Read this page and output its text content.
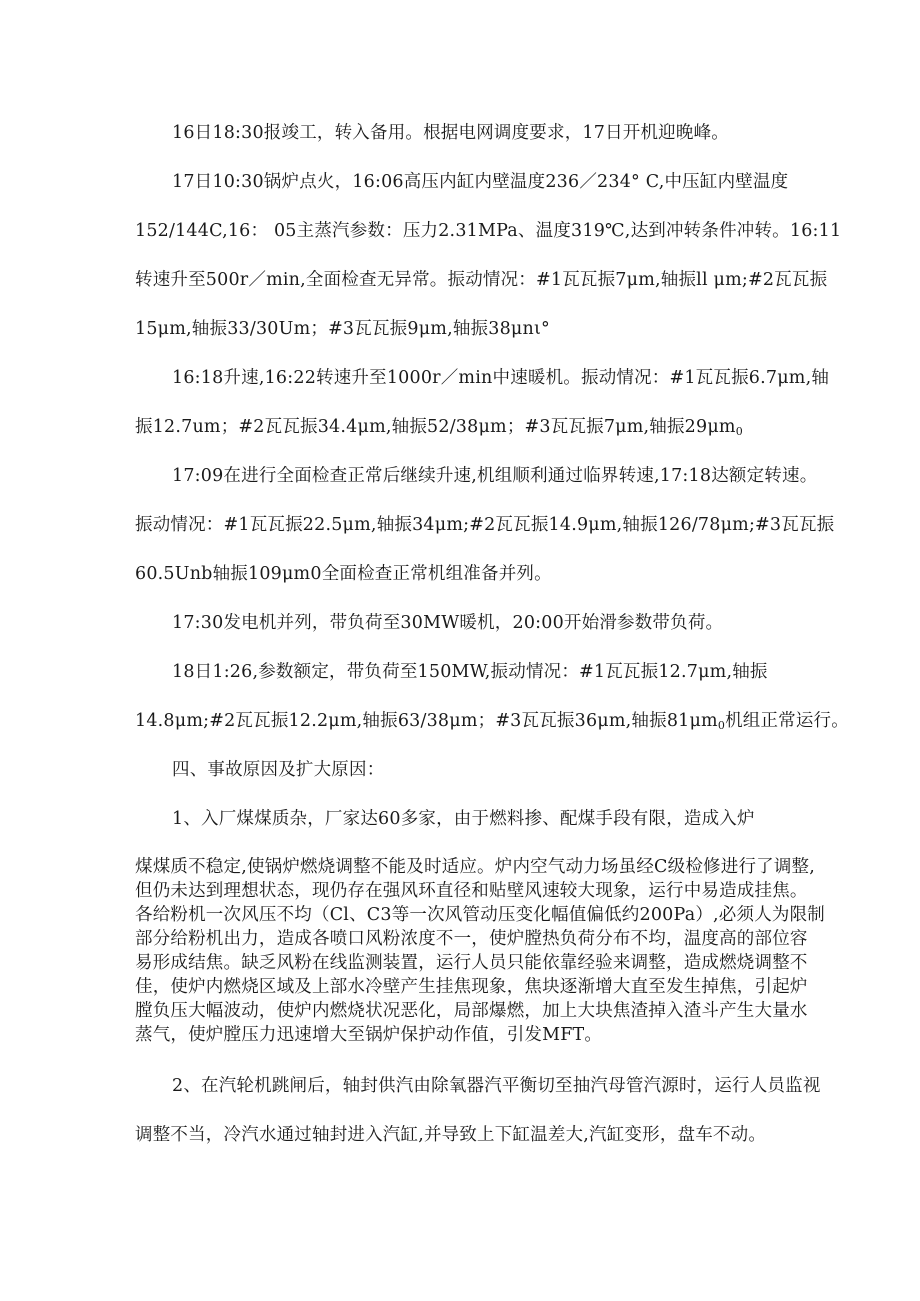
16日18:30报竣工，转入备用。根据电网调度要求，17日开机迎晚峰。
17日10:30锅炉点火，16:06高压内缸内壁温度236／234° C,中压缸内壁温度
152/144C,16： 05主蒸汽参数：压力2.31MPa、温度319℃,达到冲转条件冲转。16:11
转速升至500r／min,全面检查无异常。振动情况：#1瓦瓦振7μm,轴振ll μm;#2瓦瓦振
15μm,轴振33/30Um；#3瓦瓦振9μm,轴振38μnι°
16:18升速,16:22转速升至1000r／min中速暖机。振动情况：#1瓦瓦振6.7μm,轴
振12.7um；#2瓦瓦振34.4μm,轴振52/38μm；#3瓦瓦振7μm,轴振$29\mu m_0$
17:09在进行全面检查正常后继续升速,机组顺利通过临界转速,17:18达额定转速。
振动情况：#1瓦瓦振22.5μm,轴振34μm;#2瓦瓦振14.9μm,轴振126/78μm;#3瓦瓦振
60.5Unb轴振109μm0全面检查正常机组准备并列。
17:30发电机并列，带负荷至30MW暖机，20:00开始滑参数带负荷。
18日1:26,参数额定，带负荷至150MW,振动情况：#1瓦瓦振12.7μm,轴振
14.8μm;#2瓦瓦振12.2μm,轴振63/38μm；#3瓦瓦振36μm,轴振$81\mu m_0$机组正常运行。
四、事故原因及扩大原因：
1、入厂煤煤质杂，厂家达60多家，由于燃料掺、配煤手段有限，造成入炉
煤煤质不稳定,使锅炉燃烧调整不能及时适应。炉内空气动力场虽经C级检修进行了调整,
但仍未达到理想状态，现仍存在强风环直径和贴壁风速较大现象，运行中易造成挂焦。
各给粉机一次风压不均（Cl、C3等一次风管动压变化幅值偏低约200Pa）,必须人为限制
部分给粉机出力，造成各喷口风粉浓度不一，使炉膛热负荷分布不均，温度高的部位容
易形成结焦。缺乏风粉在线监测装置，运行人员只能依靠经验来调整，造成燃烧调整不
佳，使炉内燃烧区域及上部水冷壁产生挂焦现象，焦块逐渐增大直至发生掉焦，引起炉
膛负压大幅波动，使炉内燃烧状况恶化，局部爆燃，加上大块焦渣掉入渣斗产生大量水
蒸气，使炉膛压力迅速增大至锅炉保护动作值，引发MFT。
2、在汽轮机跳闸后，轴封供汽由除氧器汽平衡切至抽汽母管汽源时，运行人员监视
调整不当，冷汽水通过轴封进入汽缸,并导致上下缸温差大,汽缸变形，盘车不动。
